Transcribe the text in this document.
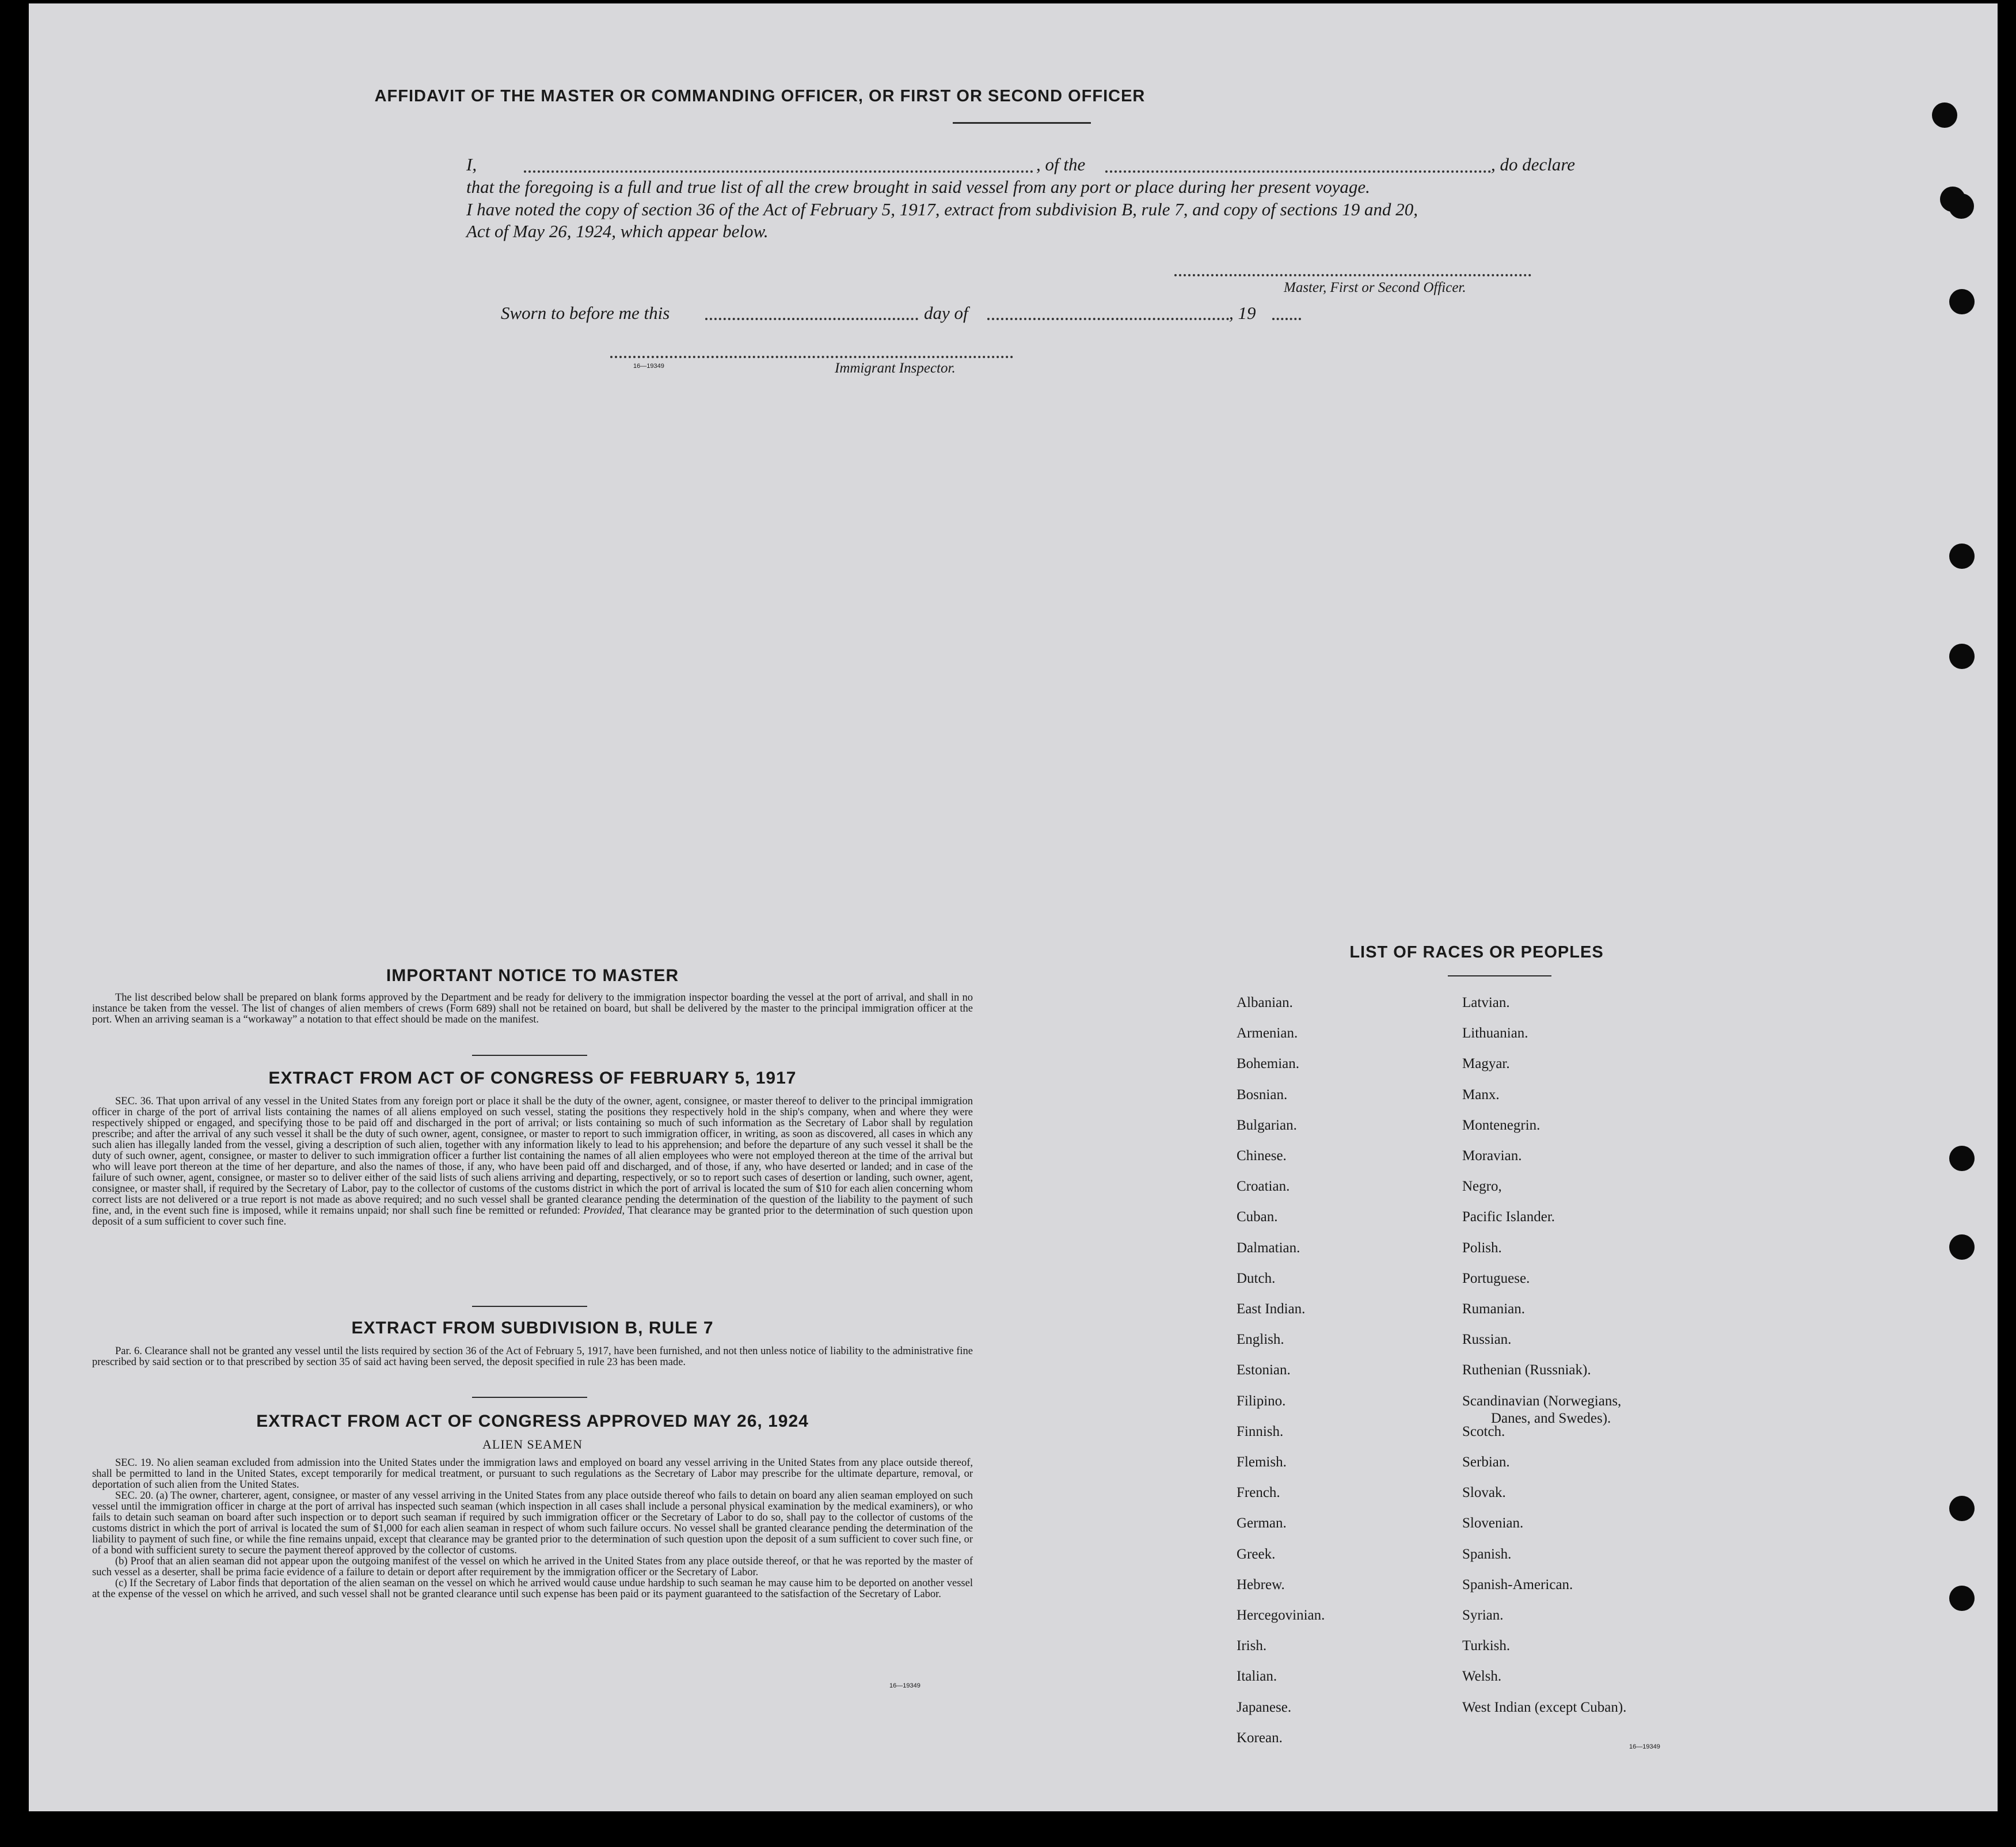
AFFIDAVIT OF THE MASTER OR COMMANDING OFFICER, OR FIRST OR SECOND OFFICER
I,	, of the	, do declare
that the foregoing is a full and true list of all the crew brought in said vessel from any port or place during her present voyage.
I have noted the copy of section 36 of the Act of February 5, 1917, extract from subdivision B, rule 7, and copy of sections 19 and 20,
Act of May 26, 1924, which appear below.
Master, First or Second Officer.
Sworn to before me this	day of	, 19
16—19349	Immigrant Inspector.
IMPORTANT NOTICE TO MASTER

The list described below shall be prepared on blank forms approved by the Department and be ready for delivery to the immigration inspector boarding the vessel at the port of arrival, and shall in no instance be taken from the vessel. The list of changes of alien members of crews (Form 689) shall not be retained on board, but shall be delivered by the master to the principal immigration officer at the port. When an arriving seaman is a “workaway” a notation to that effect should be made on the manifest.

EXTRACT FROM ACT OF CONGRESS OF FEBRUARY 5, 1917

SEC. 36. That upon arrival of any vessel in the United States from any foreign port or place it shall be the duty of the owner, agent, consignee, or master thereof to deliver to the principal immigration officer in charge of the port of arrival lists containing the names of all aliens employed on such vessel, stating the positions they respectively hold in the ship's company, when and where they were respectively shipped or engaged, and specifying those to be paid off and discharged in the port of arrival; or lists containing so much of such information as the Secretary of Labor shall by regulation prescribe; and after the arrival of any such vessel it shall be the duty of such owner, agent, consignee, or master to report to such immigration officer, in writing, as soon as discovered, all cases in which any such alien has illegally landed from the vessel, giving a description of such alien, together with any information likely to lead to his apprehension; and before the departure of any such vessel it shall be the duty of such owner, agent, consignee, or master to deliver to such immigration officer a further list containing the names of all alien employees who were not employed thereon at the time of the arrival but who will leave port thereon at the time of her departure, and also the names of those, if any, who have been paid off and discharged, and of those, if any, who have deserted or landed; and in case of the failure of such owner, agent, consignee, or master so to deliver either of the said lists of such aliens arriving and departing, respectively, or so to report such cases of desertion or landing, such owner, agent, consignee, or master shall, if required by the Secretary of Labor, pay to the collector of customs of the customs district in which the port of arrival is located the sum of $10 for each alien concerning whom correct lists are not delivered or a true report is not made as above required; and no such vessel shall be granted clearance pending the determination of the question of the liability to the payment of such fine, and, in the event such fine is imposed, while it remains unpaid; nor shall such fine be remitted or refunded: Provided, That clearance may be granted prior to the determination of such question upon deposit of a sum sufficient to cover such fine.

EXTRACT FROM SUBDIVISION B, RULE 7

Par. 6. Clearance shall not be granted any vessel until the lists required by section 36 of the Act of February 5, 1917, have been furnished, and not then unless notice of liability to the administrative fine prescribed by said section or to that prescribed by section 35 of said act having been served, the deposit specified in rule 23 has been made.

EXTRACT FROM ACT OF CONGRESS APPROVED MAY 26, 1924
ALIEN SEAMEN

SEC. 19. No alien seaman excluded from admission into the United States under the immigration laws and employed on board any vessel arriving in the United States from any place outside thereof, shall be permitted to land in the United States, except temporarily for medical treatment, or pursuant to such regulations as the Secretary of Labor may prescribe for the ultimate departure, removal, or deportation of such alien from the United States.

SEC. 20. (a) The owner, charterer, agent, consignee, or master of any vessel arriving in the United States from any place outside thereof who fails to detain on board any alien seaman employed on such vessel until the immigration officer in charge at the port of arrival has inspected such seaman (which inspection in all cases shall include a personal physical examination by the medical examiners), or who fails to detain such seaman on board after such inspection or to deport such seaman if required by such immigration officer or the Secretary of Labor to do so, shall pay to the collector of customs of the customs district in which the port of arrival is located the sum of $1,000 for each alien seaman in respect of whom such failure occurs. No vessel shall be granted clearance pending the determination of the liability to payment of such fine, or while the fine remains unpaid, except that clearance may be granted prior to the determination of such question upon the deposit of a sum sufficient to cover such fine, or of a bond with sufficient surety to secure the payment thereof approved by the collector of customs.

(b) Proof that an alien seaman did not appear upon the outgoing manifest of the vessel on which he arrived in the United States from any place outside thereof, or that he was reported by the master of such vessel as a deserter, shall be prima facie evidence of a failure to detain or deport after requirement by the immigration officer or the Secretary of Labor.

(c) If the Secretary of Labor finds that deportation of the alien seaman on the vessel on which he arrived would cause undue hardship to such seaman he may cause him to be deported on another vessel at the expense of the vessel on which he arrived, and such vessel shall not be granted clearance until such expense has been paid or its payment guaranteed to the satisfaction of the Secretary of Labor.

16—19349
LIST OF RACES OR PEOPLES
16—19349
Albanian.
Armenian.
Bohemian.
Bosnian.
Bulgarian.
Chinese.
Croatian.
Cuban.
Dalmatian.
Dutch.
East Indian.
English.
Estonian.
Filipino.
Finnish.
Flemish.
French.
German.
Greek.
Hebrew.
Hercegovinian.
Irish.
Italian.
Japanese.
Korean.
Latvian.
Lithuanian.
Magyar.
Manx.
Montenegrin.
Moravian.
Negro,
Pacific Islander.
Polish.
Portuguese.
Rumanian.
Russian.
Ruthenian (Russniak).
Scandinavian (Norwegians,
Danes, and Swedes).
Scotch.
Serbian.
Slovak.
Slovenian.
Spanish.
Spanish-American.
Syrian.
Turkish.
Welsh.
West Indian (except Cuban).
